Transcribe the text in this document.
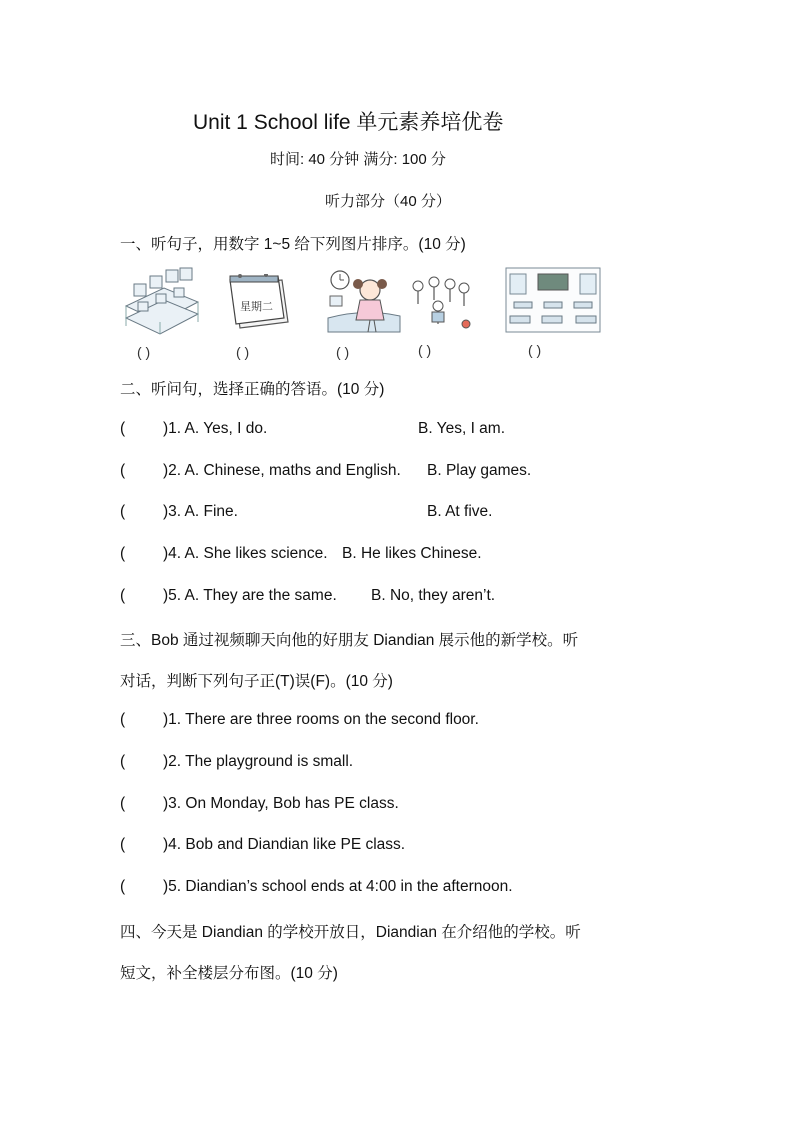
Unit 1 School life 单元素养培优卷
时间: 40 分钟 满分: 100 分
听力部分（40 分）
一、听句子，用数字 1~5 给下列图片排序。(10 分)
星期二
( )	( )	( )	( )	( )
二、听问句，选择正确的答语。(10 分)
( )1. A. Yes, I do.	B. Yes, I am.
( )2. A. Chinese, maths and English. B. Play games.
( )3. A. Fine.	B. At five.
( )4. A. She likes science. B. He likes Chinese.
( )5. A. They are the same. B. No, they aren’t.
三、Bob 通过视频聊天向他的好朋友 Diandian 展示他的新学校。听
对话，判断下列句子正(T)误(F)。(10 分)
( )1. There are three rooms on the second floor.
( )2. The playground is small.
( )3. On Monday, Bob has PE class.
( )4. Bob and Diandian like PE class.
( )5. Diandian’s school ends at 4:00 in the afternoon.
四、今天是 Diandian 的学校开放日，Diandian 在介绍他的学校。听
短文，补全楼层分布图。(10 分)
